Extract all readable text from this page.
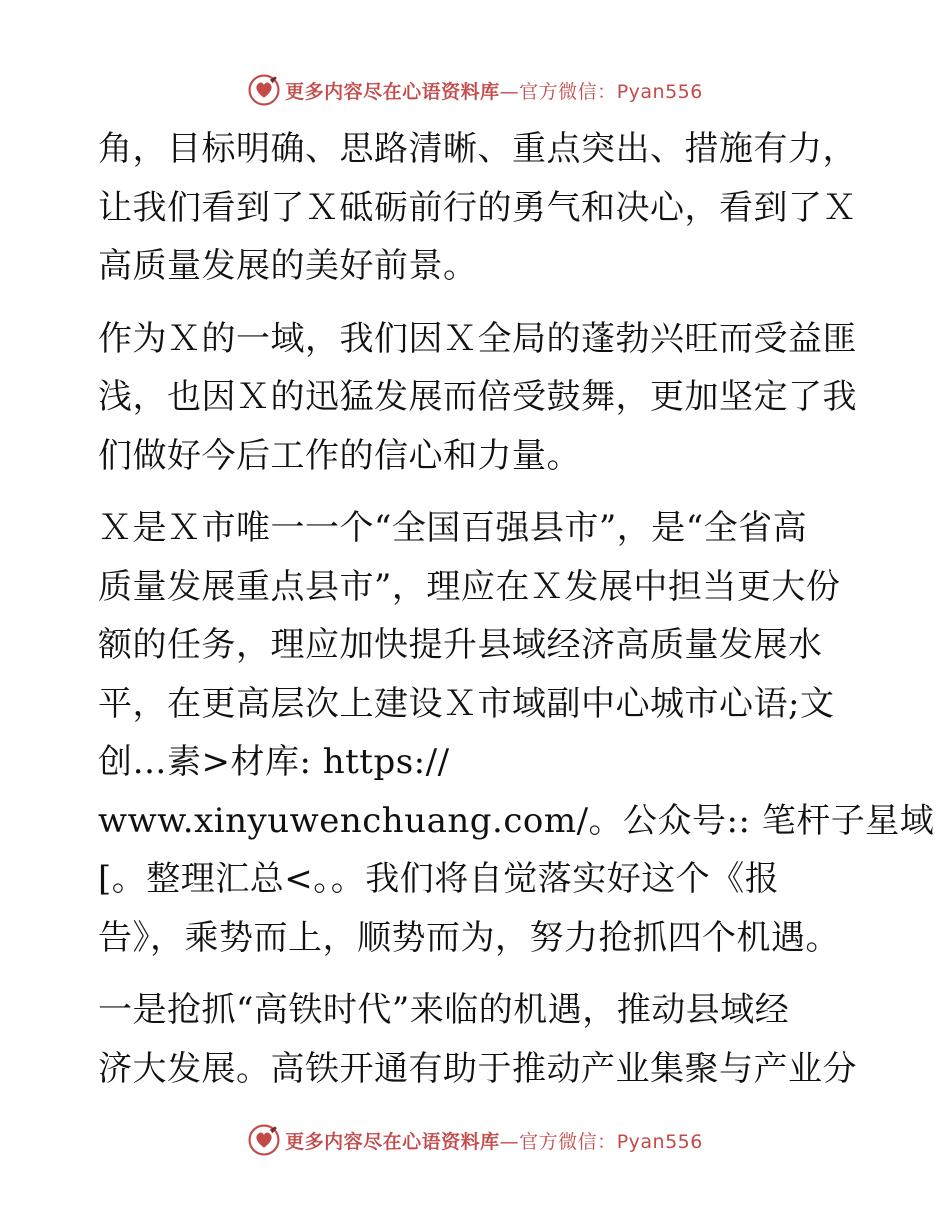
更多内容尽在心语资料库—官方微信：Pyan556
角，目标明确、思路清晰、重点突出、措施有力，
让我们看到了Ｘ砥砺前行的勇气和决心，看到了Ｘ
高质量发展的美好前景。
作为Ｘ的一域，我们因Ｘ全局的蓬勃兴旺而受益匪
浅，也因Ｘ的迅猛发展而倍受鼓舞，更加坚定了我
们做好今后工作的信心和力量。
Ｘ是Ｘ市唯一一个“全国百强县市”，是“全省高
质量发展重点县市”，理应在Ｘ发展中担当更大份
额的任务，理应加快提升县域经济高质量发展水
平，在更高层次上建设Ｘ市域副中心城市心语;文
创…素>材库: https://
www.xinyuwenchuang.com/。公众号:: 笔杆子星域
[。整理汇总<。。我们将自觉落实好这个《报
告》，乘势而上，顺势而为，努力抢抓四个机遇。
一是抢抓“高铁时代”来临的机遇，推动县域经
济大发展。高铁开通有助于推动产业集聚与产业分
更多内容尽在心语资料库—官方微信：Pyan556
